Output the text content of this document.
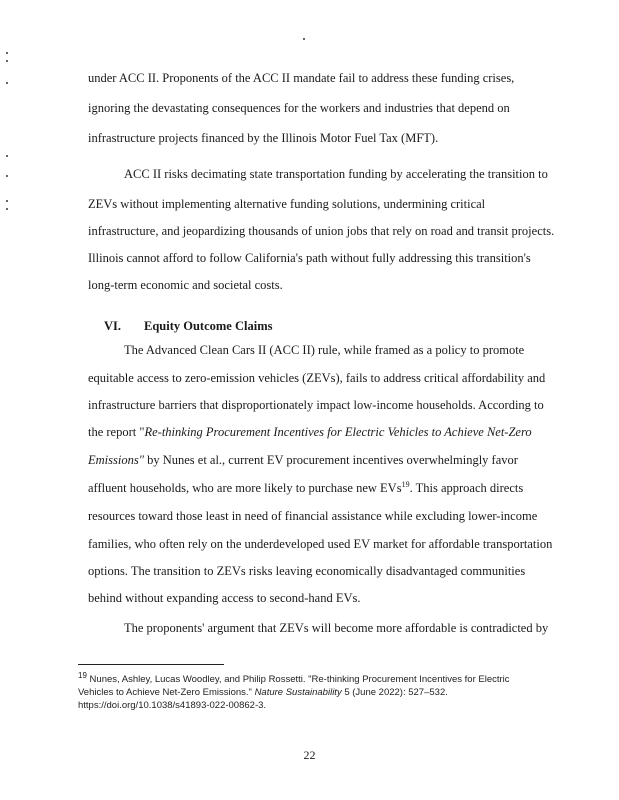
under ACC II. Proponents of the ACC II mandate fail to address these funding crises,
ignoring the devastating consequences for the workers and industries that depend on
infrastructure projects financed by the Illinois Motor Fuel Tax (MFT).
ACC II risks decimating state transportation funding by accelerating the transition to
ZEVs without implementing alternative funding solutions, undermining critical
infrastructure, and jeopardizing thousands of union jobs that rely on road and transit projects.
Illinois cannot afford to follow California's path without fully addressing this transition's
long-term economic and societal costs.
VI. Equity Outcome Claims
The Advanced Clean Cars II (ACC II) rule, while framed as a policy to promote
equitable access to zero-emission vehicles (ZEVs), fails to address critical affordability and
infrastructure barriers that disproportionately impact low-income households. According to
the report "Re-thinking Procurement Incentives for Electric Vehicles to Achieve Net-Zero
Emissions" by Nunes et al., current EV procurement incentives overwhelmingly favor
affluent households, who are more likely to purchase new EVs$^{19}$. This approach directs
resources toward those least in need of financial assistance while excluding lower-income
families, who often rely on the underdeveloped used EV market for affordable transportation
options. The transition to ZEVs risks leaving economically disadvantaged communities
behind without expanding access to second-hand EVs.
The proponents' argument that ZEVs will become more affordable is contradicted by
$^{19}$ Nunes, Ashley, Lucas Woodley, and Philip Rossetti. "Re-thinking Procurement Incentives for Electric
Vehicles to Achieve Net-Zero Emissions." Nature Sustainability 5 (June 2022): 527–532.
https://doi.org/10.1038/s41893-022-00862-3.
22
